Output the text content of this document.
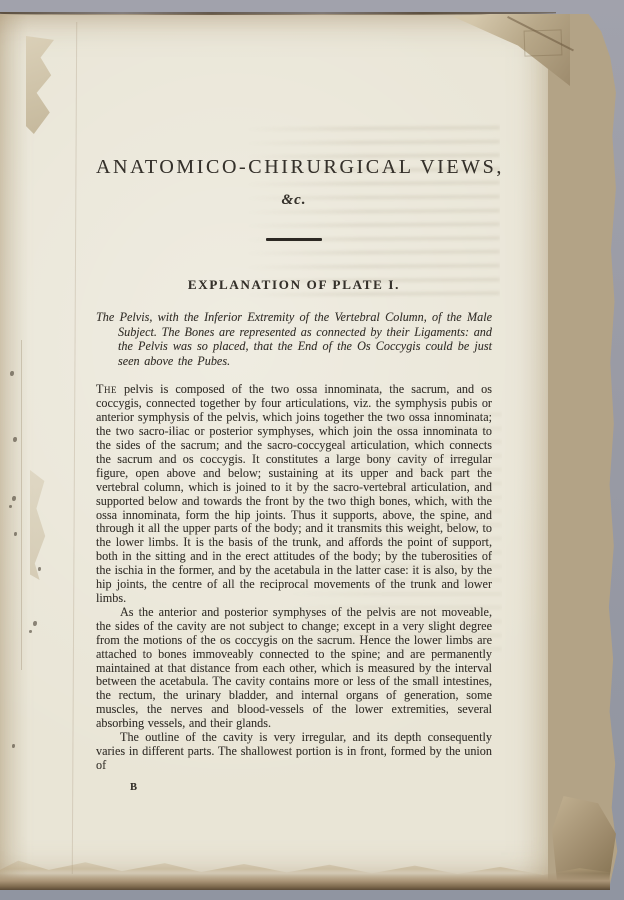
ANATOMICO-CHIRURGICAL VIEWS,

&c.

EXPLANATION OF PLATE I.

The Pelvis, with the Inferior Extremity of the Vertebral Column, of the Male Subject. The Bones are represented as connected by their Ligaments: and the Pelvis was so placed, that the End of the Os Coccygis could be just seen above the Pubes.

The pelvis is composed of the two ossa innominata, the sacrum, and os coccygis, connected together by four articulations, viz. the symphysis pubis or anterior symphysis of the pelvis, which joins together the two ossa innominata; the two sacro-iliac or posterior symphyses, which join the ossa innominata to the sides of the sacrum; and the sacro-coccygeal articulation, which connects the sacrum and os coccygis. It constitutes a large bony cavity of irregular figure, open above and below; sustaining at its upper and back part the vertebral column, which is joined to it by the sacro-vertebral articulation, and supported below and towards the front by the two thigh bones, which, with the ossa innominata, form the hip joints. Thus it supports, above, the spine, and through it all the upper parts of the body; and it transmits this weight, below, to the lower limbs. It is the basis of the trunk, and affords the point of support, both in the sitting and in the erect attitudes of the body; by the tuberosities of the ischia in the former, and by the acetabula in the latter case: it is also, by the hip joints, the centre of all the reciprocal movements of the trunk and lower limbs.

As the anterior and posterior symphyses of the pelvis are not moveable, the sides of the cavity are not subject to change; except in a very slight degree from the motions of the os coccygis on the sacrum. Hence the lower limbs are attached to bones immoveably connected to the spine; and are permanently maintained at that distance from each other, which is measured by the interval between the acetabula. The cavity contains more or less of the small intestines, the rectum, the urinary bladder, and internal organs of generation, some muscles, the nerves and blood-vessels of the lower extremities, several absorbing vessels, and their glands.

The outline of the cavity is very irregular, and its depth consequently varies in different parts. The shallowest portion is in front, formed by the union of

B
